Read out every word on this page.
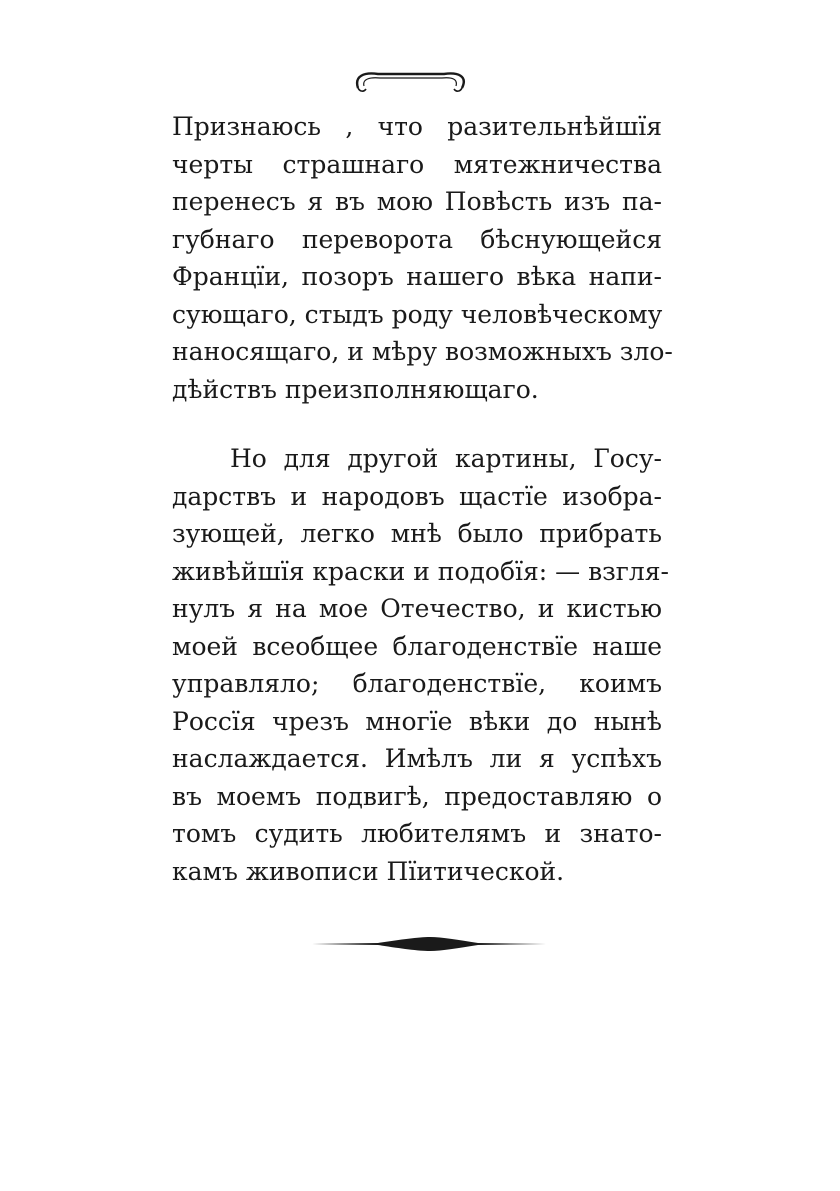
Признаюсь , что разительнѣйшїя
черты страшнаго мятежничества
перенесъ я въ мою Повѣсть изъ па-
губнаго переворота бѣснующейся
Францїи, позоръ нашего вѣка напи-
сующаго, стыдъ роду человѣческому
наносящаго, и мѣру возможныхъ зло-
дѣйствъ преизполняющаго.

Но для другой картины, Госу-
дарствъ и народовъ щастїе изобра-
зующей, легко мнѣ было прибрать
живѣйшїя краски и подобїя: — взгля-
нулъ я на мое Отечество, и кистью
моей всеобщее благоденствїе наше
управляло; благоденствїе, коимъ
Россїя чрезъ многїе вѣки до нынѣ
наслаждается. Имѣлъ ли я успѣхъ
въ моемъ подвигѣ, предоставляю о
томъ судить любителямъ и знато-
камъ живописи Пїитической.
